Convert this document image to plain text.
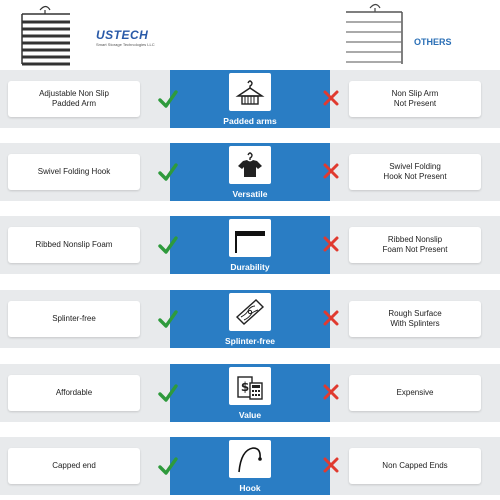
USTECH
Smart Storage Technologies LLC	OTHERS
Adjustable Non Slip
Padded Arm
Padded arms
Non Slip Arm
Not Present
Swivel Folding Hook
Versatile
Swivel Folding
Hook Not Present
Ribbed Nonslip Foam
Durability
Ribbed Nonslip
Foam Not Present
Splinter-free
Splinter-free
Rough Surface
With Splinters
Affordable	$
Value
Expensive
Capped end
Hook
Non Capped Ends
